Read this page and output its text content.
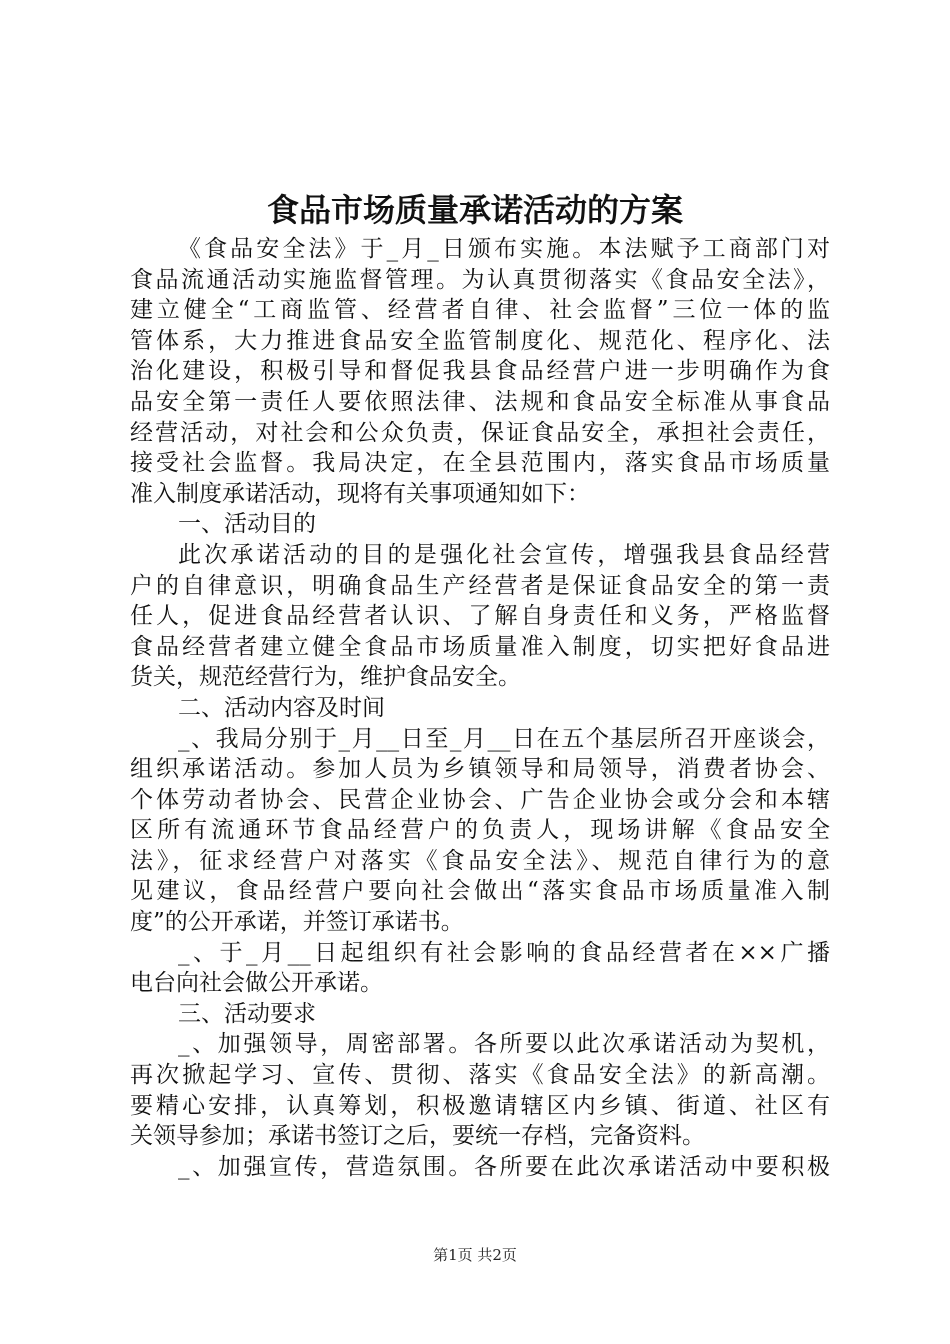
食品市场质量承诺活动的方案
《食品安全法》于_月_日颁布实施。本法赋予工商部门对
食品流通活动实施监督管理。为认真贯彻落实《食品安全法》，
建立健全“工商监管、经营者自律、社会监督”三位一体的监
管体系，大力推进食品安全监管制度化、规范化、程序化、法
治化建设，积极引导和督促我县食品经营户进一步明确作为食
品安全第一责任人要依照法律、法规和食品安全标准从事食品
经营活动，对社会和公众负责，保证食品安全，承担社会责任，
接受社会监督。我局决定，在全县范围内，落实食品市场质量
准入制度承诺活动，现将有关事项通知如下：
一、活动目的
此次承诺活动的目的是强化社会宣传，增强我县食品经营
户的自律意识，明确食品生产经营者是保证食品安全的第一责
任人，促进食品经营者认识、了解自身责任和义务，严格监督
食品经营者建立健全食品市场质量准入制度，切实把好食品进
货关，规范经营行为，维护食品安全。
二、活动内容及时间
_、我局分别于_月__日至_月__日在五个基层所召开座谈会，
组织承诺活动。参加人员为乡镇领导和局领导，消费者协会、
个体劳动者协会、民营企业协会、广告企业协会或分会和本辖
区所有流通环节食品经营户的负责人，现场讲解《食品安全
法》，征求经营户对落实《食品安全法》、规范自律行为的意
见建议，食品经营户要向社会做出“落实食品市场质量准入制
度”的公开承诺，并签订承诺书。
_、于_月__日起组织有社会影响的食品经营者在××广播
电台向社会做公开承诺。
三、活动要求
_、加强领导，周密部署。各所要以此次承诺活动为契机，
再次掀起学习、宣传、贯彻、落实《食品安全法》的新高潮。
要精心安排，认真筹划，积极邀请辖区内乡镇、街道、社区有
关领导参加；承诺书签订之后，要统一存档，完备资料。
_、加强宣传，营造氛围。各所要在此次承诺活动中要积极
第1页 共2页
